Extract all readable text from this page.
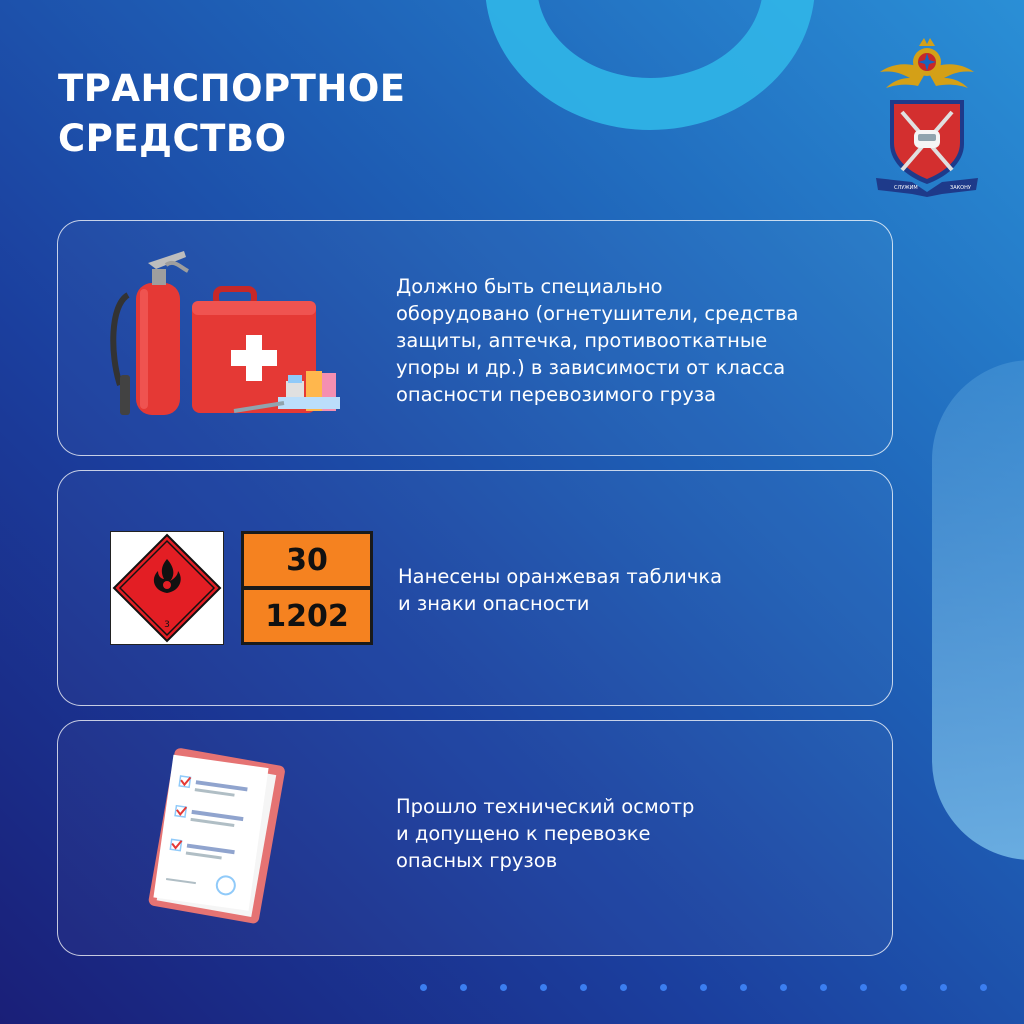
ТРАНСПОРТНОЕ
СРЕДСТВО
СЛУЖИМ	ЗАКОНУ
Должно быть специально
оборудовано (огнетушители, средства
защиты, аптечка, противооткатные
упоры и др.) в зависимости от класса
опасности перевозимого груза
3
30
1202
Нанесены оранжевая табличка
и знаки опасности
Прошло технический осмотр
и допущено к перевозке
опасных грузов
